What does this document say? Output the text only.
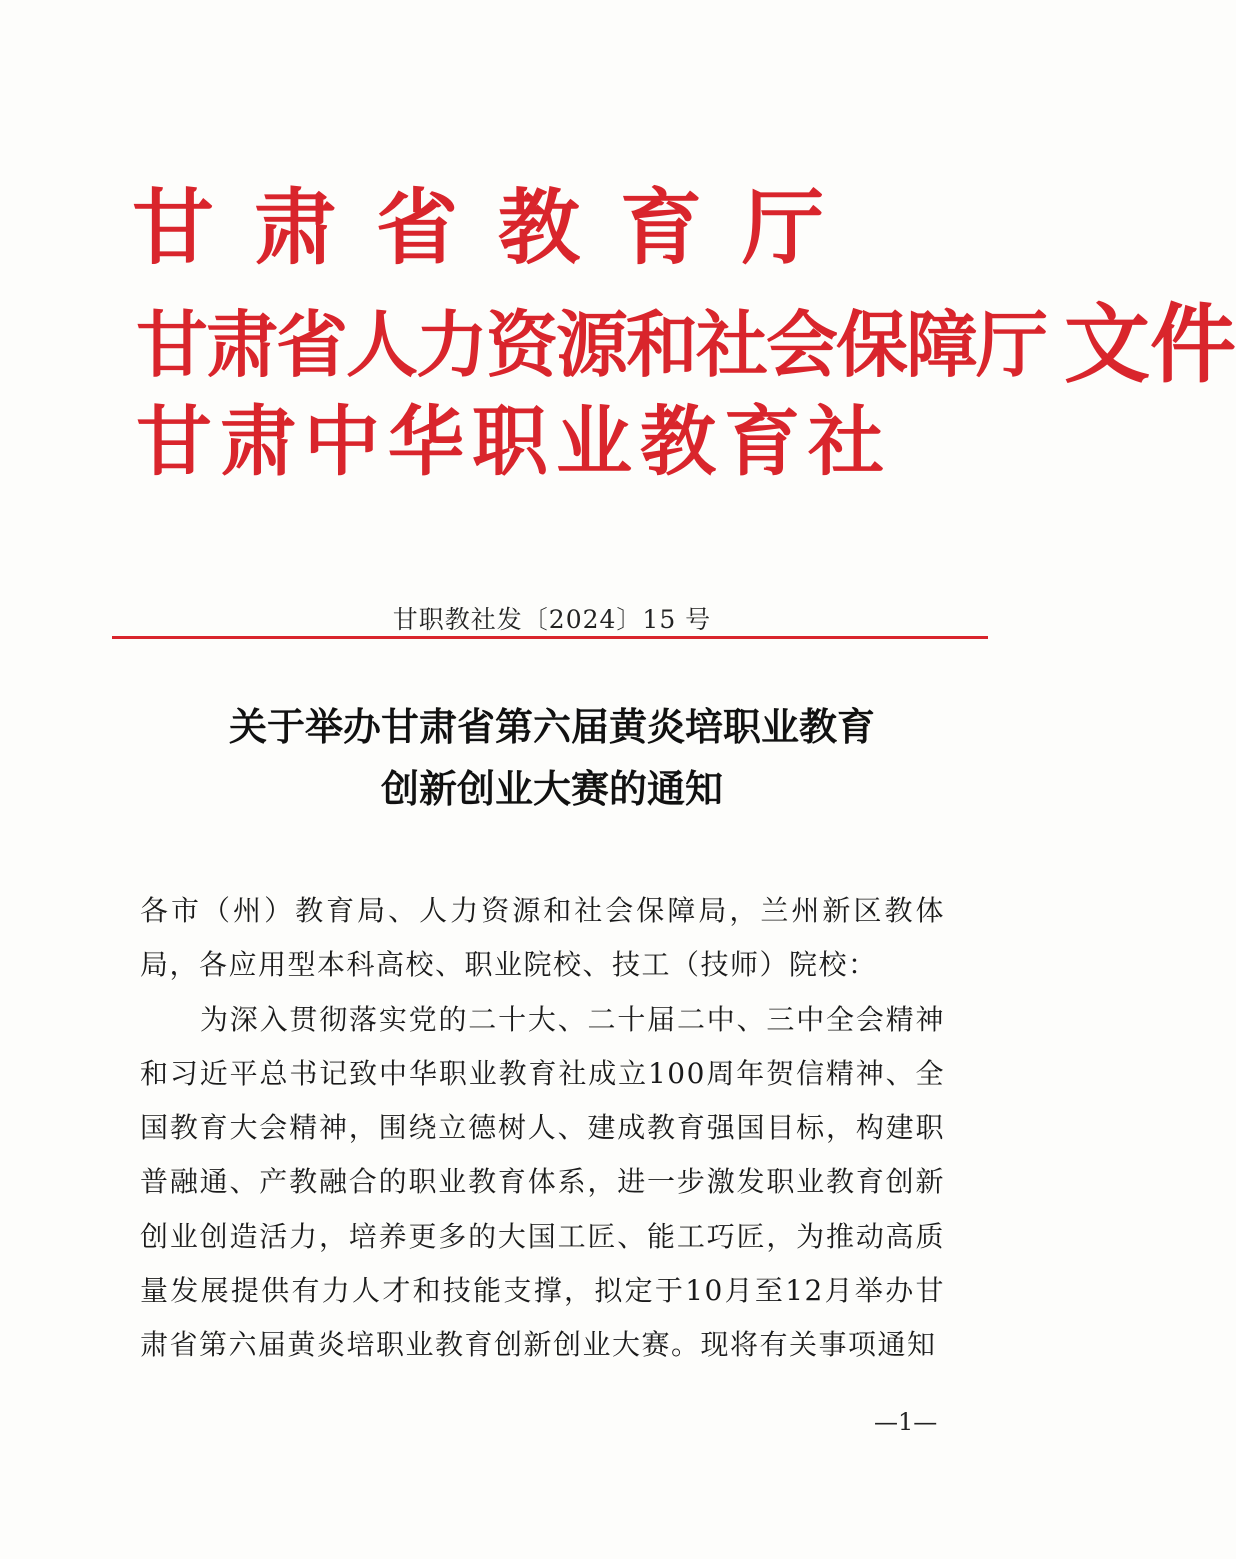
甘肃省教育厅
甘肃省人力资源和社会保障厅 文件
甘肃中华职业教育社
甘职教社发〔2024〕15 号
关于举办甘肃省第六届黄炎培职业教育
创新创业大赛的通知

各市（州）教育局、人力资源和社会保障局，兰州新区教体局，各应用型本科高校、职业院校、技工（技师）院校：

为深入贯彻落实党的二十大、二十届二中、三中全会精神和习近平总书记致中华职业教育社成立100周年贺信精神、全国教育大会精神，围绕立德树人、建成教育强国目标，构建职普融通、产教融合的职业教育体系，进一步激发职业教育创新创业创造活力，培养更多的大国工匠、能工巧匠，为推动高质量发展提供有力人才和技能支撑，拟定于10月至12月举办甘肃省第六届黄炎培职业教育创新创业大赛。现将有关事项通知

—1—
